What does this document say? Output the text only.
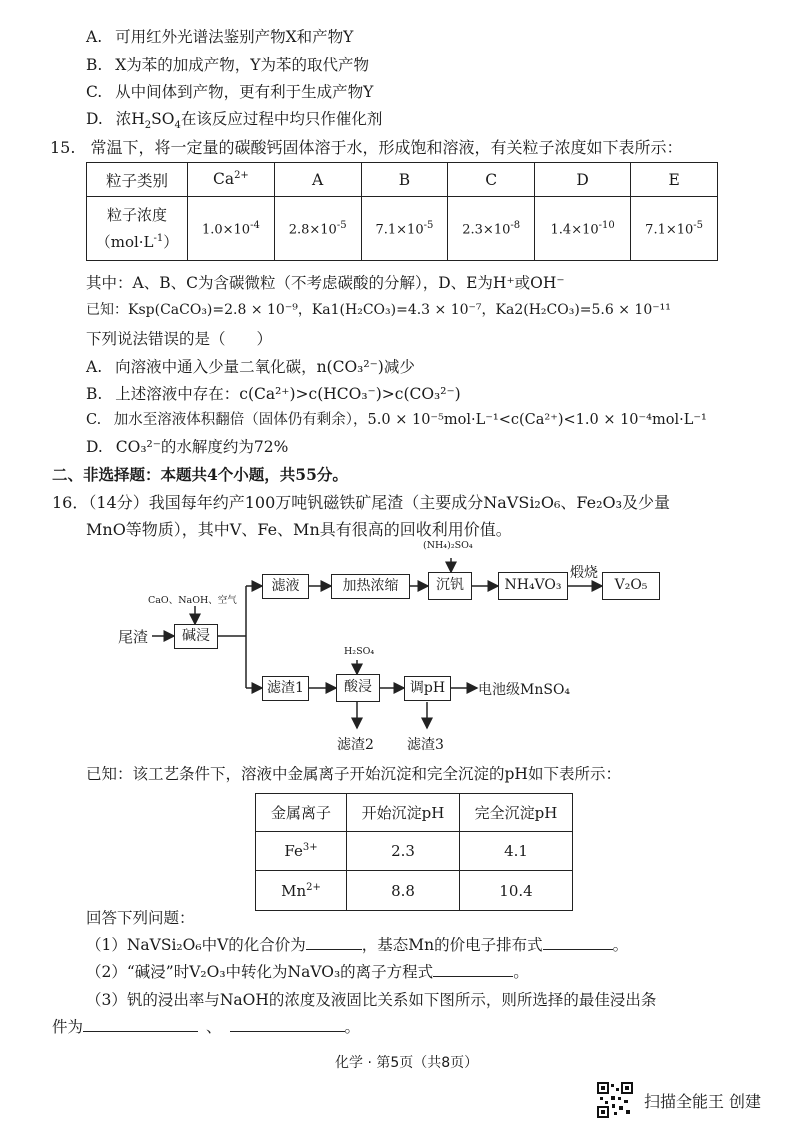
A. 可用红外光谱法鉴别产物X和产物Y
B. X为苯的加成产物，Y为苯的取代产物
C. 从中间体到产物，更有利于生成产物Y
D. 浓$H_2SO_4$在该反应过程中均只作催化剂
15. 常温下，将一定量的碳酸钙固体溶于水，形成饱和溶液，有关粒子浓度如下表所示：
粒子类别	$Ca^{2+}$	A	B	C	D	E

粒子浓度
$(mol\cdot L^{-1})$	$1.0\times 10^{-4}$	$2.8\times 10^{-5}$	$7.1\times 10^{-5}$	$2.3\times 10^{-8}$	$1.4\times 10^{-10}$	$7.1\times 10^{-5}$
其中：A、B、C为含碳微粒（不考虑碳酸的分解），D、E为H⁺或OH⁻
已知：Ksp(CaCO₃)=2.8 × 10⁻⁹，Ka1(H₂CO₃)=4.3 × 10⁻⁷，Ka2(H₂CO₃)=5.6 × 10⁻¹¹
下列说法错误的是（　　）
A. 向溶液中通入少量二氧化碳，n(CO₃²⁻)减少
B. 上述溶液中存在：c(Ca²⁺)>c(HCO₃⁻)>c(CO₃²⁻)
C. 加水至溶液体积翻倍（固体仍有剩余），5.0 × 10⁻⁵mol·L⁻¹<c(Ca²⁺)<1.0 × 10⁻⁴mol·L⁻¹
D. CO₃²⁻的水解度约为72%
二、非选择题：本题共4个小题，共55分。
16．（14分）我国每年约产100万吨钒磁铁矿尾渣（主要成分NaVSi₂O₆、Fe₂O₃及少量
MnO等物质），其中V、Fe、Mn具有很高的回收利用价值。
(NH₄)₂SO₄
CaO、NaOH、空气
H₂SO₄
尾渣	碱浸
滤液	加热浓缩	沉钒	NH₄VO₃
煅烧
V₂O₅
滤渣1	酸浸	调pH	电池级MnSO₄
滤渣2 滤渣3
已知：该工艺条件下，溶液中金属离子开始沉淀和完全沉淀的pH如下表所示：
金属离子	开始沉淀pH	完全沉淀pH
$Fe^{3+}$	2.3	4.1
$Mn^{2+}$	8.8	10.4
回答下列问题：
（1）NaVSi₂O₆中V的化合价为	，基态Mn的价电子排布式	。
（2）“碱浸”时V₂O₃中转化为NaVO₃的离子方程式	。
（3）钒的浸出率与NaOH的浓度及液固比关系如下图所示，则所选择的最佳浸出条
件为	、	。
化学 · 第5页（共8页）
扫描全能王 创建
